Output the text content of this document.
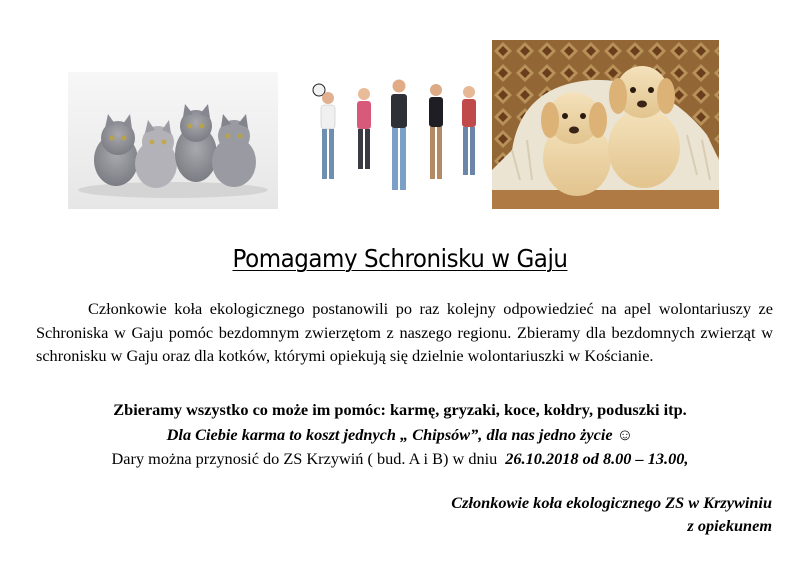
Pomagamy Schronisku w Gaju

Członkowie koła ekologicznego postanowili po raz kolejny odpowiedzieć na apel wolontariuszy ze Schroniska w Gaju pomóc bezdomnym zwierzętom z naszego regionu. Zbieramy dla bezdomnych zwierząt w schronisku w Gaju oraz dla kotków, którymi opiekują się dzielnie wolontariuszki w Kościanie.

Zbieramy wszystko co może im pomóc: karmę, gryzaki, koce, kołdry, poduszki itp.
Dla Ciebie karma to koszt jednych „ Chipsów”, dla nas jedno życie ☺
Dary można przynosić do ZS Krzywiń ( bud. A i B) w dniu 26.10.2018 od 8.00 – 13.00,
Członkowie koła ekologicznego ZS w Krzywiniu
z opiekunem
